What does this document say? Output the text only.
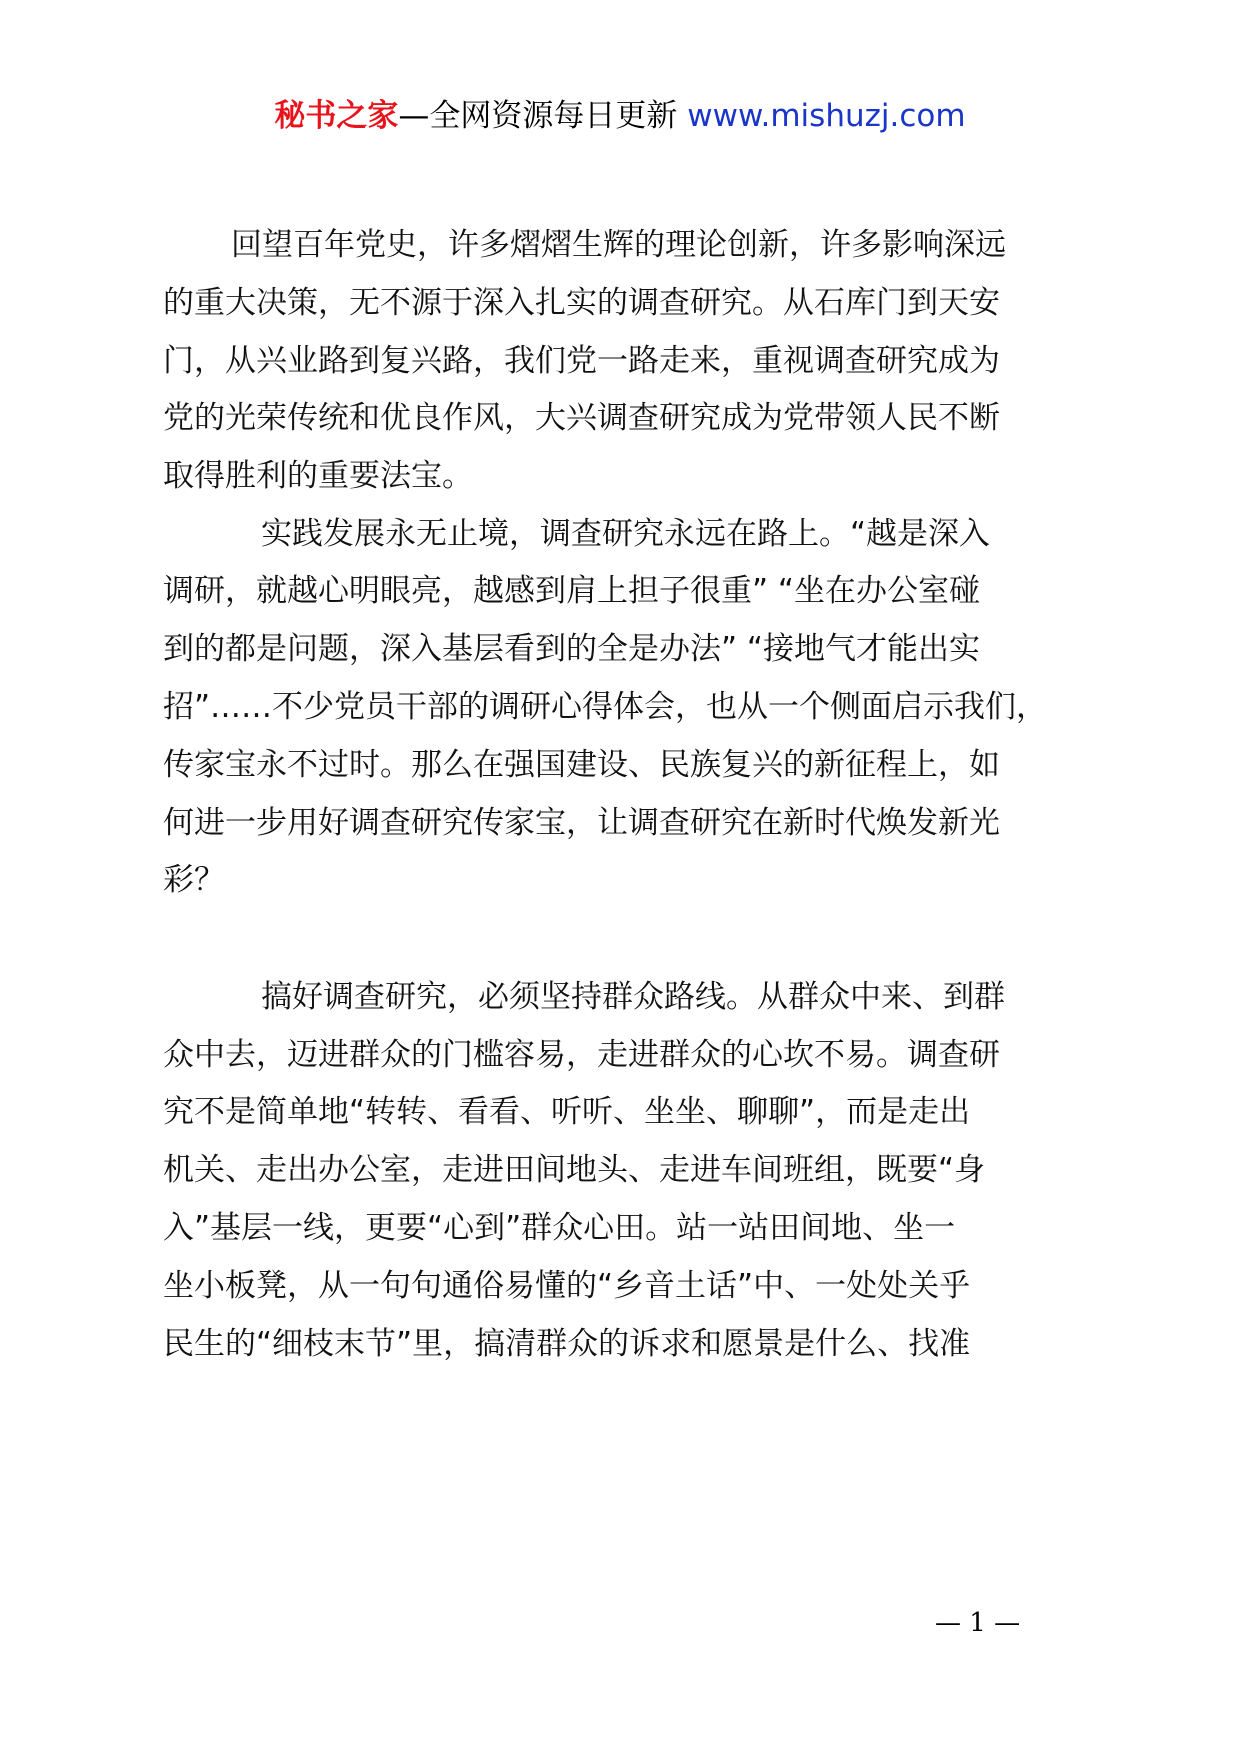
秘书之家—全网资源每日更新 www.mishuzj.com
回望百年党史，许多熠熠生辉的理论创新，许多影响深远
的重大决策，无不源于深入扎实的调查研究。从石库门到天安
门，从兴业路到复兴路，我们党一路走来，重视调查研究成为
党的光荣传统和优良作风，大兴调查研究成为党带领人民不断
取得胜利的重要法宝。
实践发展永无止境，调查研究永远在路上。“越是深入
调研，就越心明眼亮，越感到肩上担子很重” “坐在办公室碰
到的都是问题，深入基层看到的全是办法” “接地气才能出实
招”……不少党员干部的调研心得体会，也从一个侧面启示我们，
传家宝永不过时。那么在强国建设、民族复兴的新征程上，如
何进一步用好调查研究传家宝，让调查研究在新时代焕发新光
彩？
搞好调查研究，必须坚持群众路线。从群众中来、到群
众中去，迈进群众的门槛容易，走进群众的心坎不易。调查研
究不是简单地“转转、看看、听听、坐坐、聊聊”，而是走出
机关、走出办公室，走进田间地头、走进车间班组，既要“身
入”基层一线，更要“心到”群众心田。站一站田间地、坐一
坐小板凳，从一句句通俗易懂的“乡音土话”中、一处处关乎
民生的“细枝末节”里，搞清群众的诉求和愿景是什么、找准
— 1 —
